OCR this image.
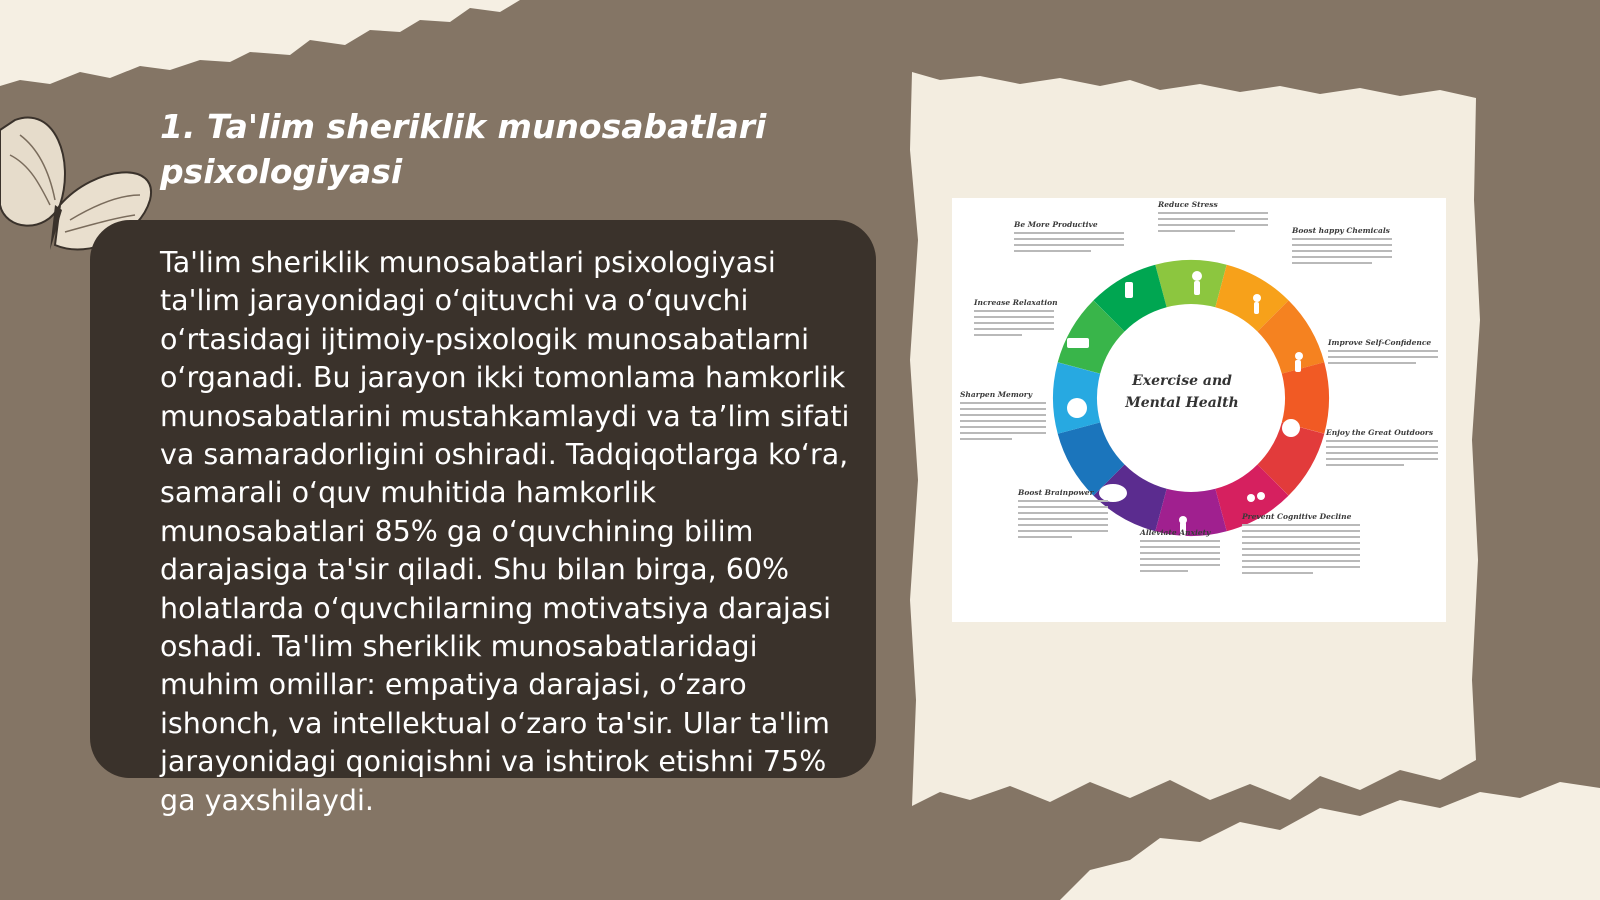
1. Ta'lim sheriklik munosabatlari psixologiyasi

Ta'lim sheriklik munosabatlari psixologiyasi ta'lim jarayonidagi o‘qituvchi va o‘quvchi o‘rtasidagi ijtimoiy-psixologik munosabatlarni o‘rganadi. Bu jarayon ikki tomonlama hamkorlik munosabatlarini mustahkamlaydi va ta’lim sifati va samaradorligini oshiradi. Tadqiqotlarga ko‘ra, samarali o‘quv muhitida hamkorlik munosabatlari 85% ga o‘quvchining bilim darajasiga ta'sir qiladi. Shu bilan birga, 60% holatlarda o‘quvchilarning motivatsiya darajasi oshadi. Ta'lim sheriklik munosabatlaridagi muhim omillar: empatiya darajasi, o‘zaro ishonch, va intellektual o‘zaro ta'sir. Ular ta'lim jarayonidagi qoniqishni va ishtirok etishni 75% ga yaxshilaydi.

Exercise and
Mental Health
Reduce Stress
Be More Productive
Boost happy Chemicals
Increase Relaxation
Improve Self-Confidence
Sharpen Memory
Enjoy the Great Outdoors
Boost Brainpower
Alleviate Anxiety
Prevent Cognitive Decline
